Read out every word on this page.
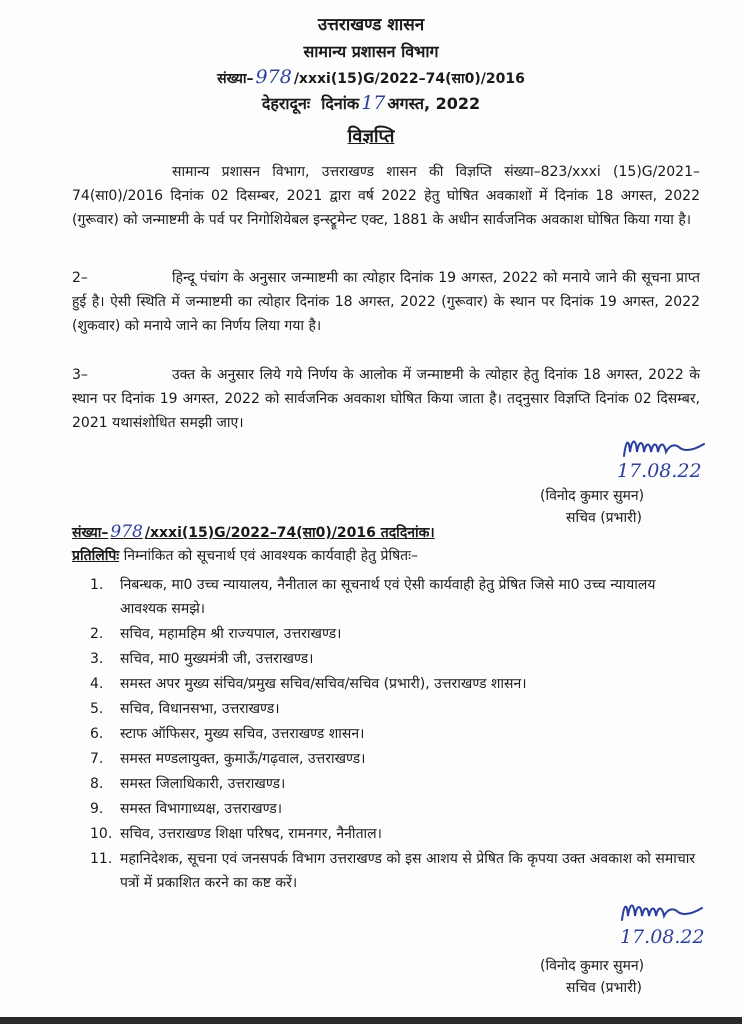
उत्तराखण्ड शासन
सामान्य प्रशासन विभाग
संख्या– 978 /xxxi(15)G/2022–74(सा0)/2016
देहरादूनः दिनांक 17 अगस्त, 2022
विज्ञप्ति
सामान्य प्रशासन विभाग, उत्तराखण्ड शासन की विज्ञप्ति संख्या–823/xxxi (15)G/2021–74(सा0)/2016 दिनांक 02 दिसम्बर, 2021 द्वारा वर्ष 2022 हेतु घोषित अवकाशों में दिनांक 18 अगस्त, 2022 (गुरूवार) को जन्माष्टमी के पर्व पर निगोशियेबल इन्स्ट्रूमेन्ट एक्ट, 1881 के अधीन सार्वजनिक अवकाश घोषित किया गया है।
2–	हिन्दू पंचांग के अनुसार जन्माष्टमी का त्योहार दिनांक 19 अगस्त, 2022 को मनाये जाने की सूचना प्राप्त हुई है। ऐसी स्थिति में जन्माष्टमी का त्योहार दिनांक 18 अगस्त, 2022 (गुरूवार) के स्थान पर दिनांक 19 अगस्त, 2022 (शुकवार) को मनाये जाने का निर्णय लिया गया है।
3–	उक्त के अनुसार लिये गये निर्णय के आलोक में जन्माष्टमी के त्योहार हेतु दिनांक 18 अगस्त, 2022 के स्थान पर दिनांक 19 अगस्त, 2022 को सार्वजनिक अवकाश घोषित किया जाता है। तद्नुसार विज्ञप्ति दिनांक 02 दिसम्बर, 2021 यथासंशोधित समझी जाए।
17.08.22
(विनोद कुमार सुमन)
सचिव (प्रभारी)
संख्या– 978 /xxxi(15)G/2022–74(सा0)/2016 तददिनांक।
प्रतिलिपिः निम्नांकित को सूचनार्थ एवं आवश्यक कार्यवाही हेतु प्रेषितः–
1.	निबन्धक, मा0 उच्च न्यायालय, नैनीताल का सूचनार्थ एवं ऐसी कार्यवाही हेतु प्रेषित जिसे मा0 उच्च न्यायालय आवश्यक समझे।
2.	सचिव, महामहिम श्री राज्यपाल, उत्तराखण्ड।
3.	सचिव, मा0 मुख्यमंत्री जी, उत्तराखण्ड।
4.	समस्त अपर मुख्य संचिव/प्रमुख सचिव/सचिव/सचिव (प्रभारी), उत्तराखण्ड शासन।
5.	सचिव, विधानसभा, उत्तराखण्ड।
6.	स्टाफ ऑफिसर, मुख्य सचिव, उत्तराखण्ड शासन।
7.	समस्त मण्डलायुक्त, कुमाऊँ/गढ़वाल, उत्तराखण्ड।
8.	समस्त जिलाधिकारी, उत्तराखण्ड।
9.	समस्त विभागाध्यक्ष, उत्तराखण्ड।
10. सचिव, उत्तराखण्ड शिक्षा परिषद, रामनगर, नैनीताल।
11. महानिदेशक, सूचना एवं जनसपर्क विभाग उत्तराखण्ड को इस आशय से प्रेषित कि कृपया उक्त अवकाश को समाचार पत्रों में प्रकाशित करने का कष्ट करें।
17.08.22
(विनोद कुमार सुमन)
सचिव (प्रभारी)
